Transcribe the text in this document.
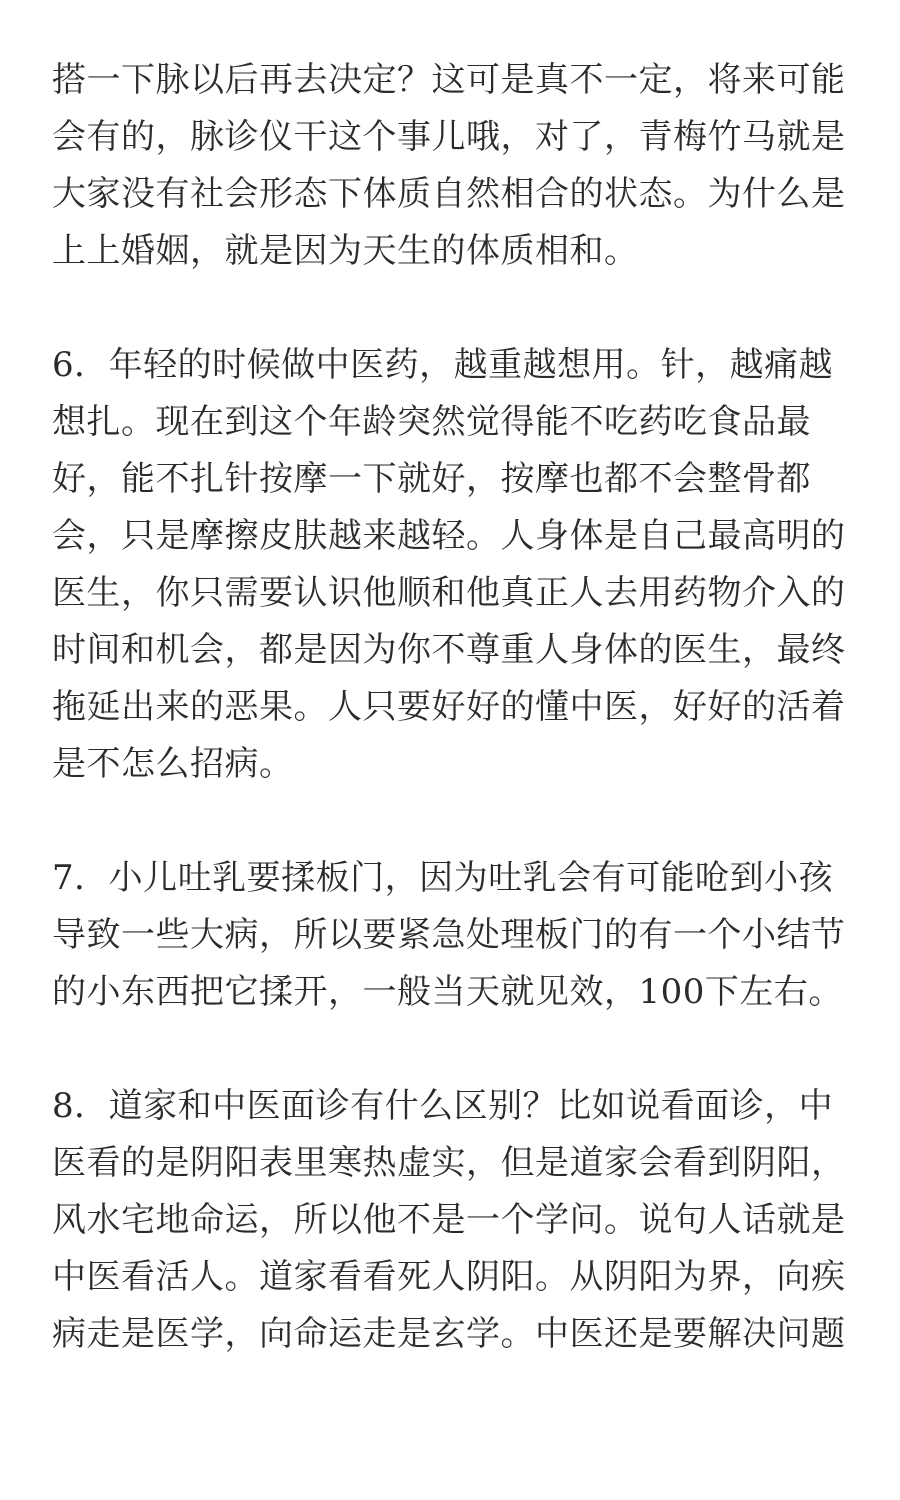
搭一下脉以后再去决定？这可是真不一定，将来可能
会有的，脉诊仪干这个事儿哦，对了，青梅竹马就是
大家没有社会形态下体质自然相合的状态。为什么是
上上婚姻，就是因为天生的体质相和。

6．年轻的时候做中医药，越重越想用。针，越痛越
想扎。现在到这个年龄突然觉得能不吃药吃食品最
好，能不扎针按摩一下就好，按摩也都不会整骨都
会，只是摩擦皮肤越来越轻。人身体是自己最高明的
医生，你只需要认识他顺和他真正人去用药物介入的
时间和机会，都是因为你不尊重人身体的医生，最终
拖延出来的恶果。人只要好好的懂中医，好好的活着
是不怎么招病。

7．小儿吐乳要揉板门，因为吐乳会有可能呛到小孩
导致一些大病，所以要紧急处理板门的有一个小结节
的小东西把它揉开，一般当天就见效，100下左右。

8．道家和中医面诊有什么区别？比如说看面诊，中
医看的是阴阳表里寒热虚实，但是道家会看到阴阳，
风水宅地命运，所以他不是一个学问。说句人话就是
中医看活人。道家看看死人阴阳。从阴阳为界，向疾
病走是医学，向命运走是玄学。中医还是要解决问题
